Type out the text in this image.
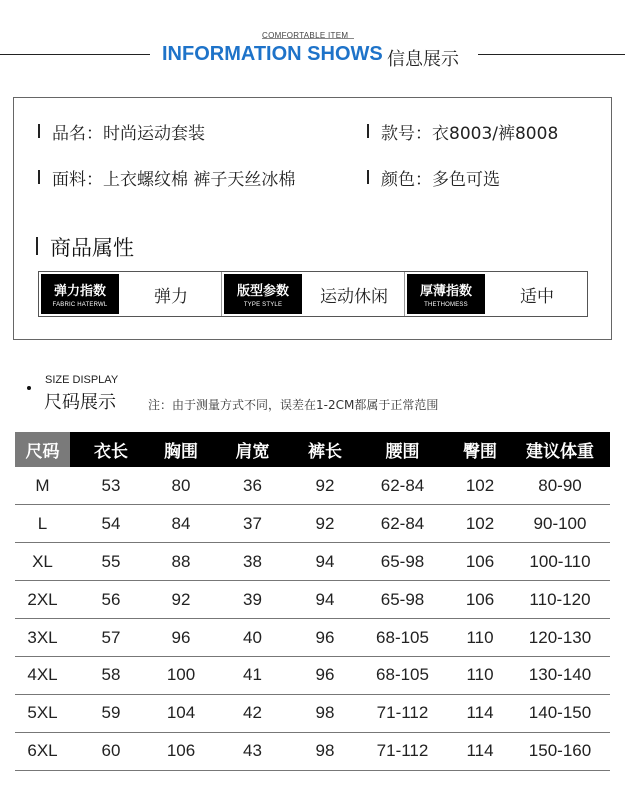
COMFORTABLE ITEM
INFORMATION SHOWS 信息展示
品名：时尚运动套装	款号：衣8003/裤8008
面料：上衣螺纹棉 裤子天丝冰棉	颜色：多色可选
商品属性
弹力指数
FABRIC HATERWL	弹力	版型参数
TYPE STYLE	运动休闲	厚薄指数
THETHOMESS	适中
SIZE DISPLAY
尺码展示	注：由于测量方式不同，误差在1-2CM都属于正常范围
尺码	衣长	胸围	肩宽	裤长	腰围	臀围	建议体重
M	53	80	36	92	62-84	102	80-90
L	54	84	37	92	62-84	102	90-100
XL	55	88	38	94	65-98	106	100-110
2XL	56	92	39	94	65-98	106	110-120
3XL	57	96	40	96	68-105	110	120-130
4XL	58	100	41	96	68-105	110	130-140
5XL	59	104	42	98	71-112	114	140-150
6XL	60	106	43	98	71-112	114	150-160
